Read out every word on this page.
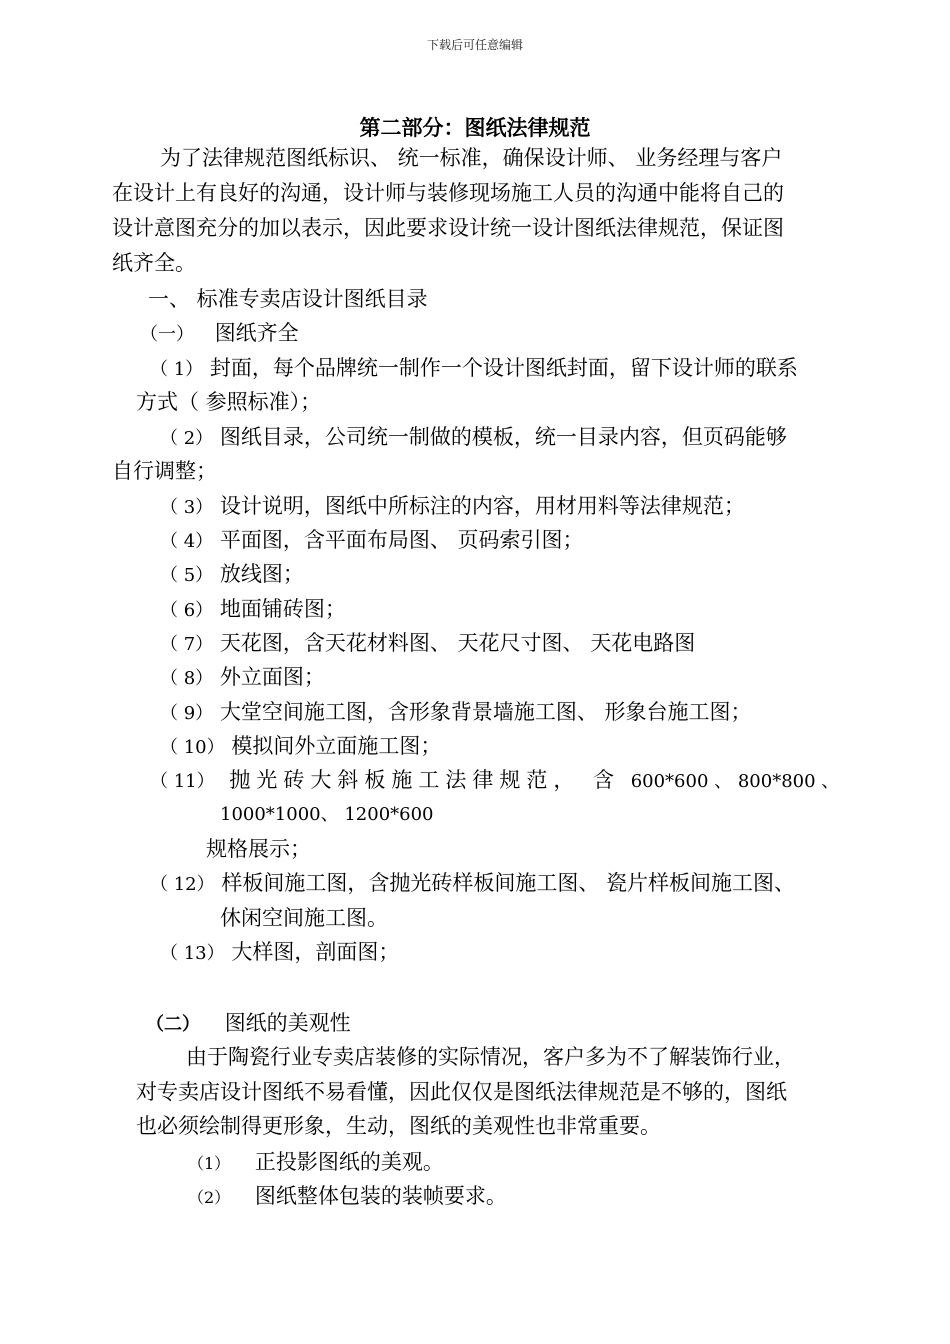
下载后可任意编辑
第二部分：图纸法律规范
为了法律规范图纸标识、 统一标准，确保设计师、 业务经理与客户
在设计上有良好的沟通，设计师与装修现场施工人员的沟通中能将自己的
设计意图充分的加以表示，因此要求设计统一设计图纸法律规范，保证图
纸齐全。
一、 标准专卖店设计图纸目录
（一） 图纸齐全
（ 1） 封面，每个品牌统一制作一个设计图纸封面，留下设计师的联系
方式（ 参照标准）；
（ 2） 图纸目录，公司统一制做的模板，统一目录内容，但页码能够
自行调整；
（ 3） 设计说明，图纸中所标注的内容，用材用料等法律规范；
（ 4） 平面图，含平面布局图、 页码索引图；
（ 5） 放线图；
（ 6） 地面铺砖图；
（ 7） 天花图，含天花材料图、 天花尺寸图、 天花电路图
（ 8） 外立面图；
（ 9） 大堂空间施工图，含形象背景墙施工图、 形象台施工图；
（ 10） 模拟间外立面施工图；
（ 11） 抛光砖大斜板施工法律规范， 含 600*600 、 800*800 、
1000*1000、 1200*600
规格展示；
（ 12） 样板间施工图，含抛光砖样板间施工图、 瓷片样板间施工图、
休闲空间施工图。
（ 13） 大样图，剖面图；
（二） 图纸的美观性
由于陶瓷行业专卖店装修的实际情况，客户多为不了解装饰行业，
对专卖店设计图纸不易看懂，因此仅仅是图纸法律规范是不够的，图纸
也必须绘制得更形象，生动，图纸的美观性也非常重要。
（1） 正投影图纸的美观。
（2） 图纸整体包装的装帧要求。
